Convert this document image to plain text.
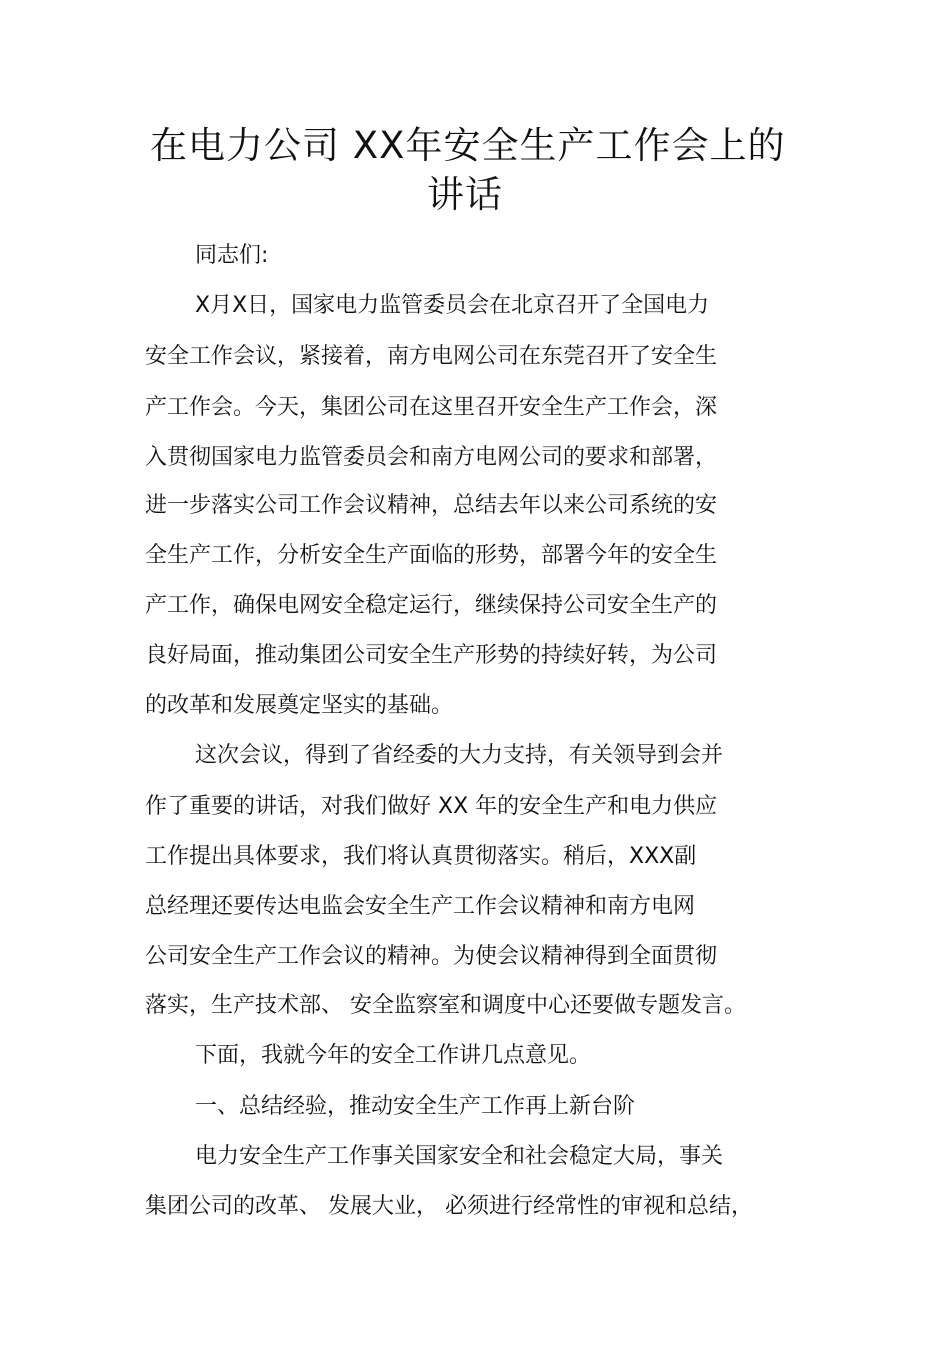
在电力公司 XX年安全生产工作会上的
讲话
同志们:
X月X日，国家电力监管委员会在北京召开了全国电力
安全工作会议，紧接着，南方电网公司在东莞召开了安全生
产工作会。今天，集团公司在这里召开安全生产工作会，深
入贯彻国家电力监管委员会和南方电网公司的要求和部署，
进一步落实公司工作会议精神，总结去年以来公司系统的安
全生产工作，分析安全生产面临的形势，部署今年的安全生
产工作，确保电网安全稳定运行，继续保持公司安全生产的
良好局面，推动集团公司安全生产形势的持续好转，为公司
的改革和发展奠定坚实的基础。
这次会议，得到了省经委的大力支持，有关领导到会并
作了重要的讲话，对我们做好 XX 年的安全生产和电力供应
工作提出具体要求，我们将认真贯彻落实。稍后，XXX副
总经理还要传达电监会安全生产工作会议精神和南方电网
公司安全生产工作会议的精神。为使会议精神得到全面贯彻
落实，生产技术部、 安全监察室和调度中心还要做专题发言。
下面，我就今年的安全工作讲几点意见。
一、总结经验，推动安全生产工作再上新台阶
电力安全生产工作事关国家安全和社会稳定大局，事关
集团公司的改革、 发展大业， 必须进行经常性的审视和总结，
